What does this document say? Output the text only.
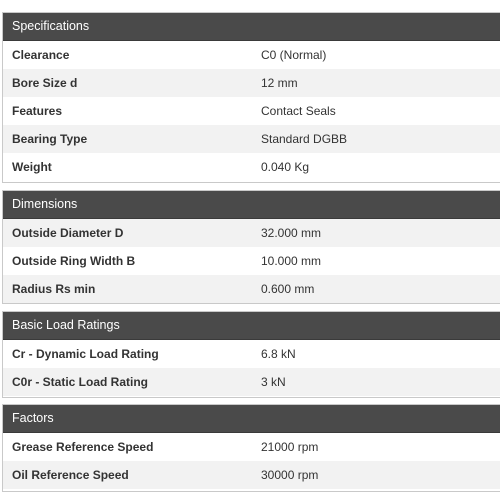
Specifications
Clearance	C0 (Normal)
Bore Size d	12 mm
Features	Contact Seals
Bearing Type	Standard DGBB
Weight	0.040 Kg
Dimensions
Outside Diameter D	32.000 mm
Outside Ring Width B	10.000 mm
Radius Rs min	0.600 mm
Basic Load Ratings
Cr - Dynamic Load Rating	6.8 kN
C0r - Static Load Rating	3 kN
Factors
Grease Reference Speed	21000 rpm
Oil Reference Speed	30000 rpm
